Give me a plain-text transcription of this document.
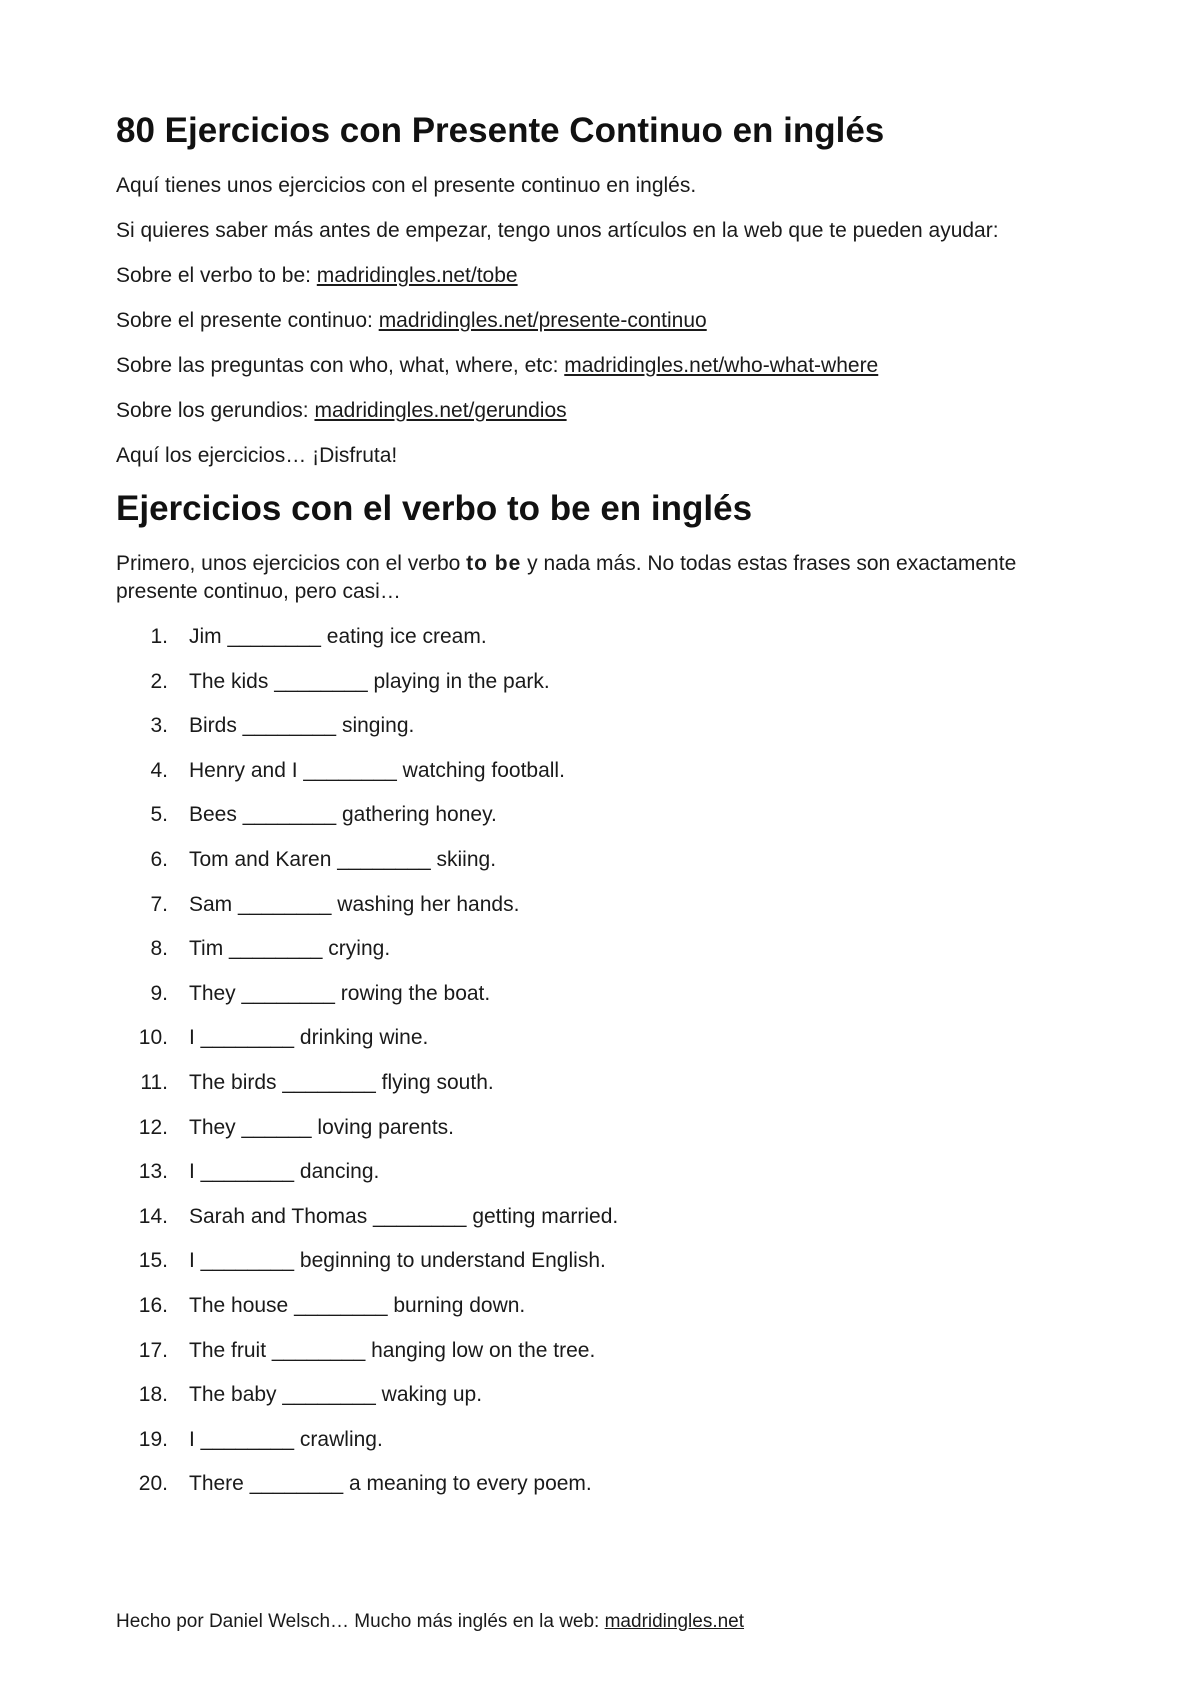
80 Ejercicios con Presente Continuo en inglés

Aquí tienes unos ejercicios con el presente continuo en inglés.

Si quieres saber más antes de empezar, tengo unos artículos en la web que te pueden ayudar:

Sobre el verbo to be: madridingles.net/tobe

Sobre el presente continuo: madridingles.net/presente-continuo

Sobre las preguntas con who, what, where, etc: madridingles.net/who-what-where

Sobre los gerundios: madridingles.net/gerundios

Aquí los ejercicios… ¡Disfruta!

Ejercicios con el verbo to be en inglés

Primero, unos ejercicios con el verbo to be y nada más. No todas estas frases son exactamente presente continuo, pero casi…

1. Jim ________ eating ice cream.
2. The kids ________ playing in the park.
3. Birds ________ singing.
4. Henry and I ________ watching football.
5. Bees ________ gathering honey.
6. Tom and Karen ________ skiing.
7. Sam ________ washing her hands.
8. Tim ________ crying.
9. They ________ rowing the boat.
10. I ________ drinking wine.
11. The birds ________ flying south.
12. They ______ loving parents.
13. I ________ dancing.
14. Sarah and Thomas ________ getting married.
15. I ________ beginning to understand English.
16. The house ________ burning down.
17. The fruit ________ hanging low on the tree.
18. The baby ________ waking up.
19. I ________ crawling.
20. There ________ a meaning to every poem.
Hecho por Daniel Welsch… Mucho más inglés en la web: madridingles.net
